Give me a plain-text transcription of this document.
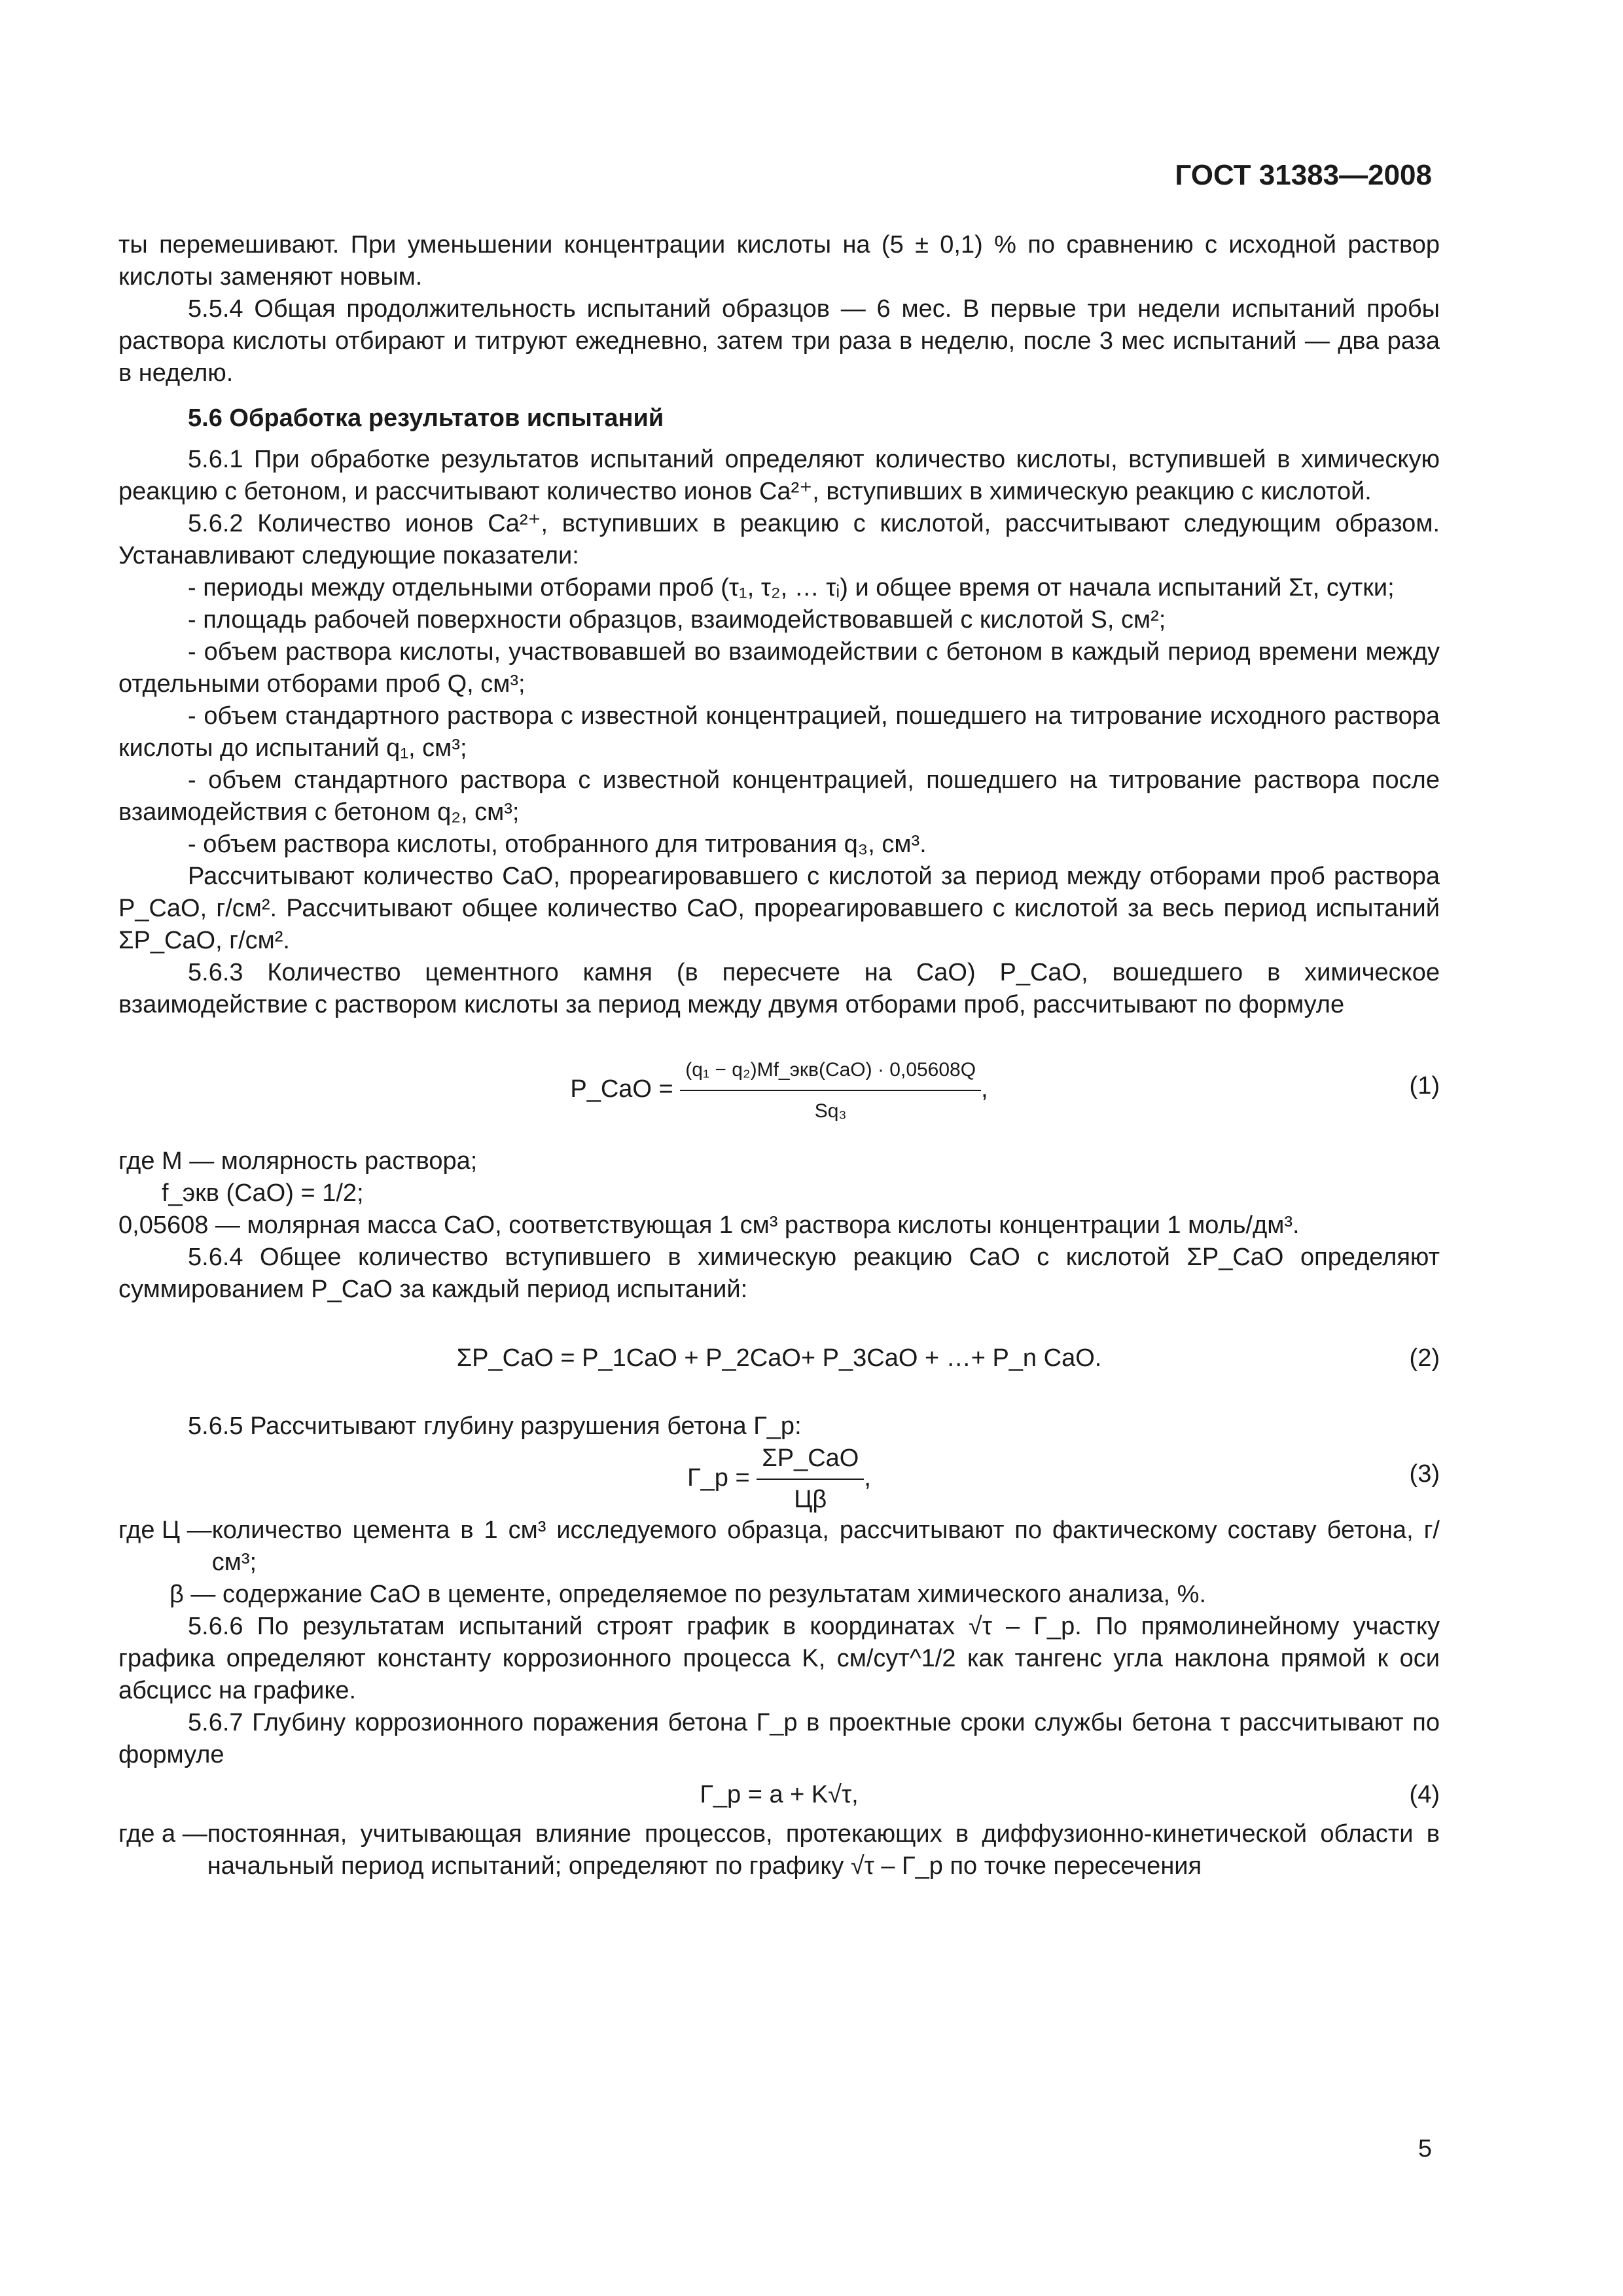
ГОСТ 31383—2008

ты перемешивают. При уменьшении концентрации кислоты на (5 ± 0,1) % по сравнению с исходной раствор кислоты заменяют новым.

5.5.4 Общая продолжительность испытаний образцов — 6 мес. В первые три недели испытаний пробы раствора кислоты отбирают и титруют ежедневно, затем три раза в неделю, после 3 мес испытаний — два раза в неделю.

5.6 Обработка результатов испытаний

5.6.1 При обработке результатов испытаний определяют количество кислоты, вступившей в химическую реакцию с бетоном, и рассчитывают количество ионов Ca²⁺, вступивших в химическую реакцию с кислотой.

5.6.2 Количество ионов Ca²⁺, вступивших в реакцию с кислотой, рассчитывают следующим образом. Устанавливают следующие показатели:

- периоды между отдельными отборами проб (τ₁, τ₂, … τᵢ) и общее время от начала испытаний Στ, сутки;

- площадь рабочей поверхности образцов, взаимодействовавшей с кислотой S, см²;

- объем раствора кислоты, участвовавшей во взаимодействии с бетоном в каждый период времени между отдельными отборами проб Q, см³;

- объем стандартного раствора с известной концентрацией, пошедшего на титрование исходного раствора кислоты до испытаний q₁, см³;

- объем стандартного раствора с известной концентрацией, пошедшего на титрование раствора после взаимодействия с бетоном q₂, см³;

- объем раствора кислоты, отобранного для титрования q₃, см³.

Рассчитывают количество CaO, прореагировавшего с кислотой за период между отборами проб раствора P_CaO, г/см². Рассчитывают общее количество CaO, прореагировавшего с кислотой за весь период испытаний ΣP_CaO, г/см².

5.6.3 Количество цементного камня (в пересчете на CaO) P_CaO, вошедшего в химическое взаимодействие с раствором кислоты за период между двумя отборами проб, рассчитывают по формуле

P_CaO = $\frac{\text{(q₁ − q₂)Mf\_экв(CaO) · 0,05608Q}}{\text{Sq₃}}$ ,	(1)

где M — молярность раствора;

f_экв (CaO) = 1/2;

0,05608 — молярная масса CaO, соответствующая 1 см³ раствора кислоты концентрации 1 моль/дм³.

5.6.4 Общее количество вступившего в химическую реакцию CaO с кислотой ΣP_CaO определяют суммированием P_CaO за каждый период испытаний:

ΣP_CaO = P_1CaO + P_2CaO+ P_3CaO + …+ P_n CaO.	(2)

5.6.5 Рассчитывают глубину разрушения бетона Г_р:

Г_р = $\frac{\text{ΣP\_CaO}}{Ц\beta}$ ,	(3)
где Ц — количество цемента в 1 см³ исследуемого образца, рассчитывают по фактическому составу бетона, г/см³;

β — содержание CaO в цементе, определяемое по результатам химического анализа, %.

5.6.6 По результатам испытаний строят график в координатах √τ – Г_р. По прямолинейному участку графика определяют константу коррозионного процесса K, см/сут^1/2 как тангенс угла наклона прямой к оси абсцисс на графике.

5.6.7 Глубину коррозионного поражения бетона Г_р в проектные сроки службы бетона τ рассчитывают по формуле

Г_р = a + K√τ,	(4)
где a — постоянная, учитывающая влияние процессов, протекающих в диффузионно-кинетической области в начальный период испытаний; определяют по графику √τ – Г_р по точке пересечения
5
